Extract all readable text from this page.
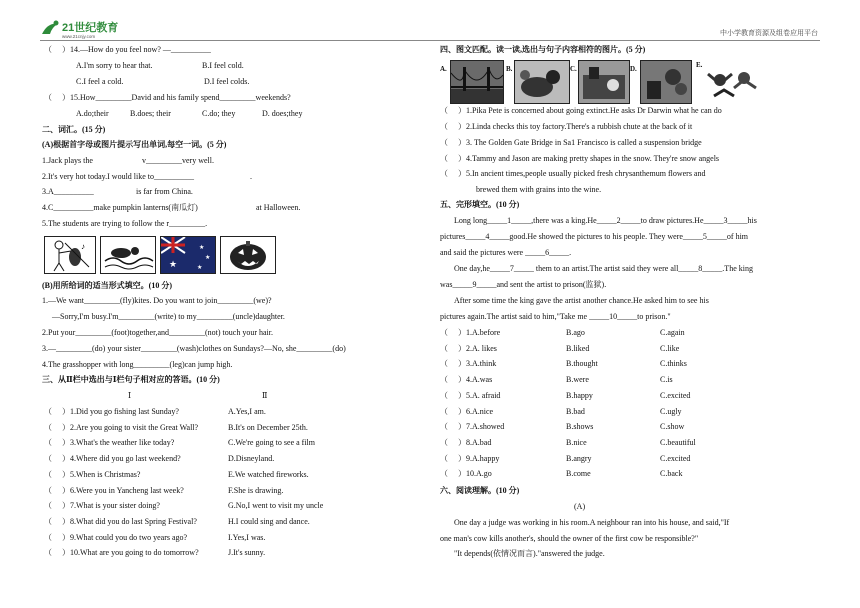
21世纪教育
www.21cnjy.com	中小学教育资源及组卷应用平台
（　 ）14.—How do you feel now? —__________
A.I'm sorry to hear that.	B.I feel cold.
C.I feel a cold.	D.I feel colds.
（　 ）15.How_________David and his family spend_________weekends?
A.do;their	B.does; their	C.do; they	D. does;they
二、词汇。(15 分)
(A)根据首字母或图片提示写出单词,每空一词。(5 分)
1.Jack plays the	v_________very well.
2.It's very hot today.I would like to__________	.
3.A__________	is far from China.
4.C__________make pumpkin lanterns(南瓜灯)	at Halloween.
5.The students are trying to follow the r_________.
♪
★
★
★
★
(B)用所给词的适当形式填空。(10 分)
1.—We want_________(fly)kites. Do you want to join_________(we)?
—Sorry,I'm busy.I'm_________(write) to my_________(uncle)daughter.
2.Put your_________(foot)together,and_________(not) touch your hair.
3.—_________(do) your sister_________(wash)clothes on Sundays?—No, she_________(do)
4.The grasshopper with long_________(leg)can jump high.
三、从Ⅱ栏中选出与Ⅰ栏句子相对应的答语。(10 分)
Ⅰ	Ⅱ
（　 ）1.Did you go fishing last Sunday?	A.Yes,I am.
（　 ）2.Are you going to visit the Great Wall?	B.It's on December 25th.
（　 ）3.What's the weather like today?	C.We're going to see a film
（　 ）4.Where did you go last weekend?	D.Disneyland.
（　 ）5.When is Christmas?	E.We watched fireworks.
（　 ）6.Were you in Yancheng last week?	F.She is drawing.
（　 ）7.What is your sister doing?	G.No,I went to visit my uncle
（　 ）8.What did you do last Spring Festival?	H.I could sing and dance.
（　 ）9.What could you do two years ago?	I.Yes,I was.
（　 ）10.What are you going to do tomorrow?	J.It's sunny.
四、图文匹配。读一读,选出与句子内容相符的图片。(5 分)
A.	B.	C.	D.	E.
（　 ）1.Pika Pete is concerned about going extinct.He asks Dr Darwin what he can do
（　 ）2.Linda checks this toy factory.There's a rubbish chute at the back of it
（　 ）3. The Golden Gate Bridge in Sa1 Francisco is called a suspension bridge
（　 ）4.Tammy and Jason are making pretty shapes in the snow. They're snow angels
（　 ）5.In ancient times,people usually picked fresh chrysanthemum flowers and
brewed them with grains into the wine.
五、完形填空。(10 分)
Long long_____1_____,there was a king.He_____2_____to draw pictures.He_____3_____his
pictures_____4_____good.He showed the pictures to his people. They were_____5_____of him
and said the pictures were _____6_____.
One day,he_____7_____ them to an artist.The artist said they were all_____8_____.The king
was_____9_____and sent the artist to prison(监狱).
After some time the king gave the artist another chance.He asked him to see his
pictures again.The artist said to him,"Take me _____10_____to prison."
（　 ）1.A.before	B.ago	C.again
（　 ）2.A. likes	B.liked	C.like
（　 ）3.A.think	B.thought	C.thinks
（　 ）4.A.was	B.were	C.is
（　 ）5.A. afraid	B.happy	C.excited
（　 ）6.A.nice	B.bad	C.ugly
（　 ）7.A.showed	B.shows	C.show
（　 ）8.A.bad	B.nice	C.beautiful
（　 ）9.A.happy	B.angry	C.excited
（　 ）10.A.go	B.come	C.back
六、阅读理解。(10 分)
(A)
One day a judge was working in his room.A neighbour ran into his house, and said,"If
one man's cow kills another's, should the owner of the first cow be responsible?"
"It depends(依情况而言)."answered the judge.
